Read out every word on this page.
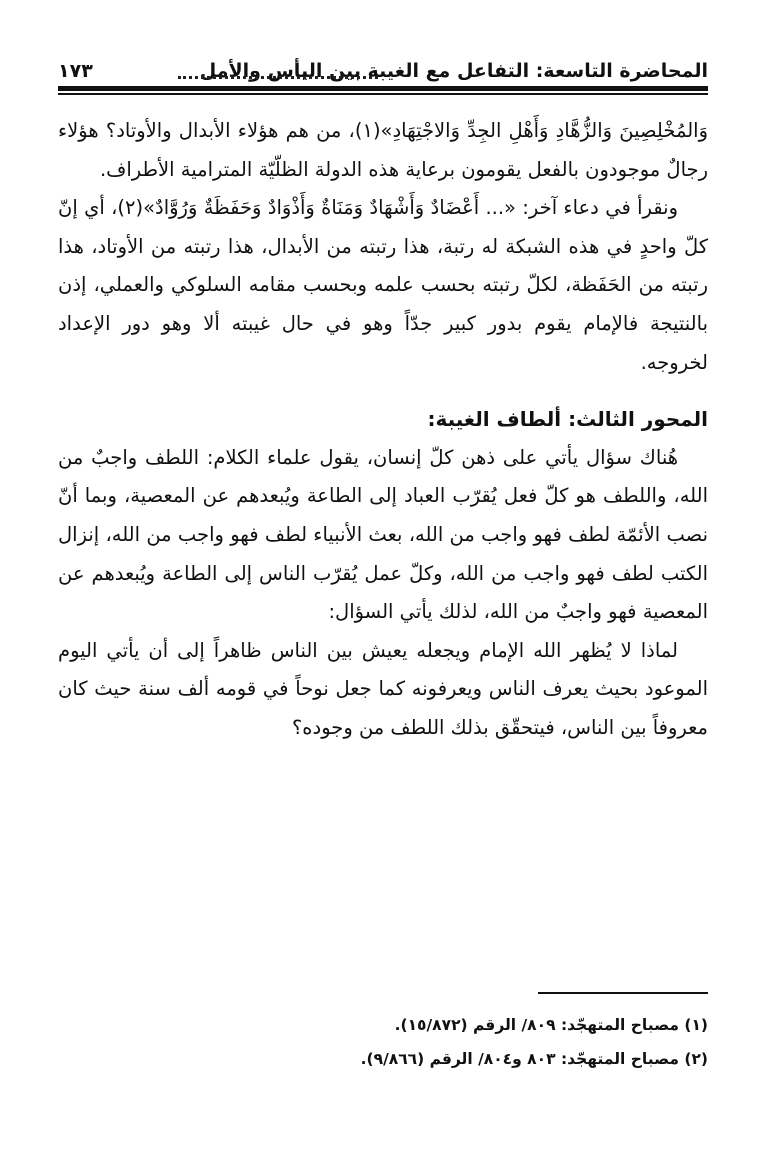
المحاضرة التاسعة: التفاعل مع الغيبة بين اليأس والأمل
١٧٣

وَالمُخْلِصِينَ وَالزُّهَّادِ وَأَهْلِ الجِدِّ وَالاجْتِهَادِ»(١)، من هم هؤلاء الأبدال والأوتاد؟ هؤلاء رجالٌ موجودون بالفعل يقومون برعاية هذه الدولة الظلّيّة المترامية الأطراف.

ونقرأ في دعاء آخر: «... أَعْضَادٌ وَأَشْهَادٌ وَمَنَاةٌ وَأَذْوَادٌ وَحَفَظَةٌ وَرُوَّادٌ»(٢)، أي إنّ كلّ واحدٍ في هذه الشبكة له رتبة، هذا رتبته من الأبدال، هذا رتبته من الأوتاد، هذا رتبته من الحَفَظة، لكلّ رتبته بحسب علمه وبحسب مقامه السلوكي والعملي، إذن بالنتيجة فالإمام يقوم بدور كبير جدّاً وهو في حال غيبته ألا وهو دور الإعداد لخروجه.

المحور الثالث: ألطاف الغيبة:

هُناك سؤال يأتي على ذهن كلّ إنسان، يقول علماء الكلام: اللطف واجبٌ من الله، واللطف هو كلّ فعل يُقرّب العباد إلى الطاعة ويُبعدهم عن المعصية، وبما أنّ نصب الأئمّة لطف فهو واجب من الله، بعث الأنبياء لطف فهو واجب من الله، إنزال الكتب لطف فهو واجب من الله، وكلّ عمل يُقرّب الناس إلى الطاعة ويُبعدهم عن المعصية فهو واجبٌ من الله، لذلك يأتي السؤال:

لماذا لا يُظهر الله الإمام ويجعله يعيش بين الناس ظاهراً إلى أن يأتي اليوم الموعود بحيث يعرف الناس ويعرفونه كما جعل نوحاً في قومه ألف سنة حيث كان معروفاً بين الناس، فيتحقّق بذلك اللطف من وجوده؟

(١) مصباح المتهجّد: ٨٠٩/ الرقم (١٥/٨٧٢).

(٢) مصباح المتهجّد: ٨٠٣ و٨٠٤/ الرقم (٩/٨٦٦).
